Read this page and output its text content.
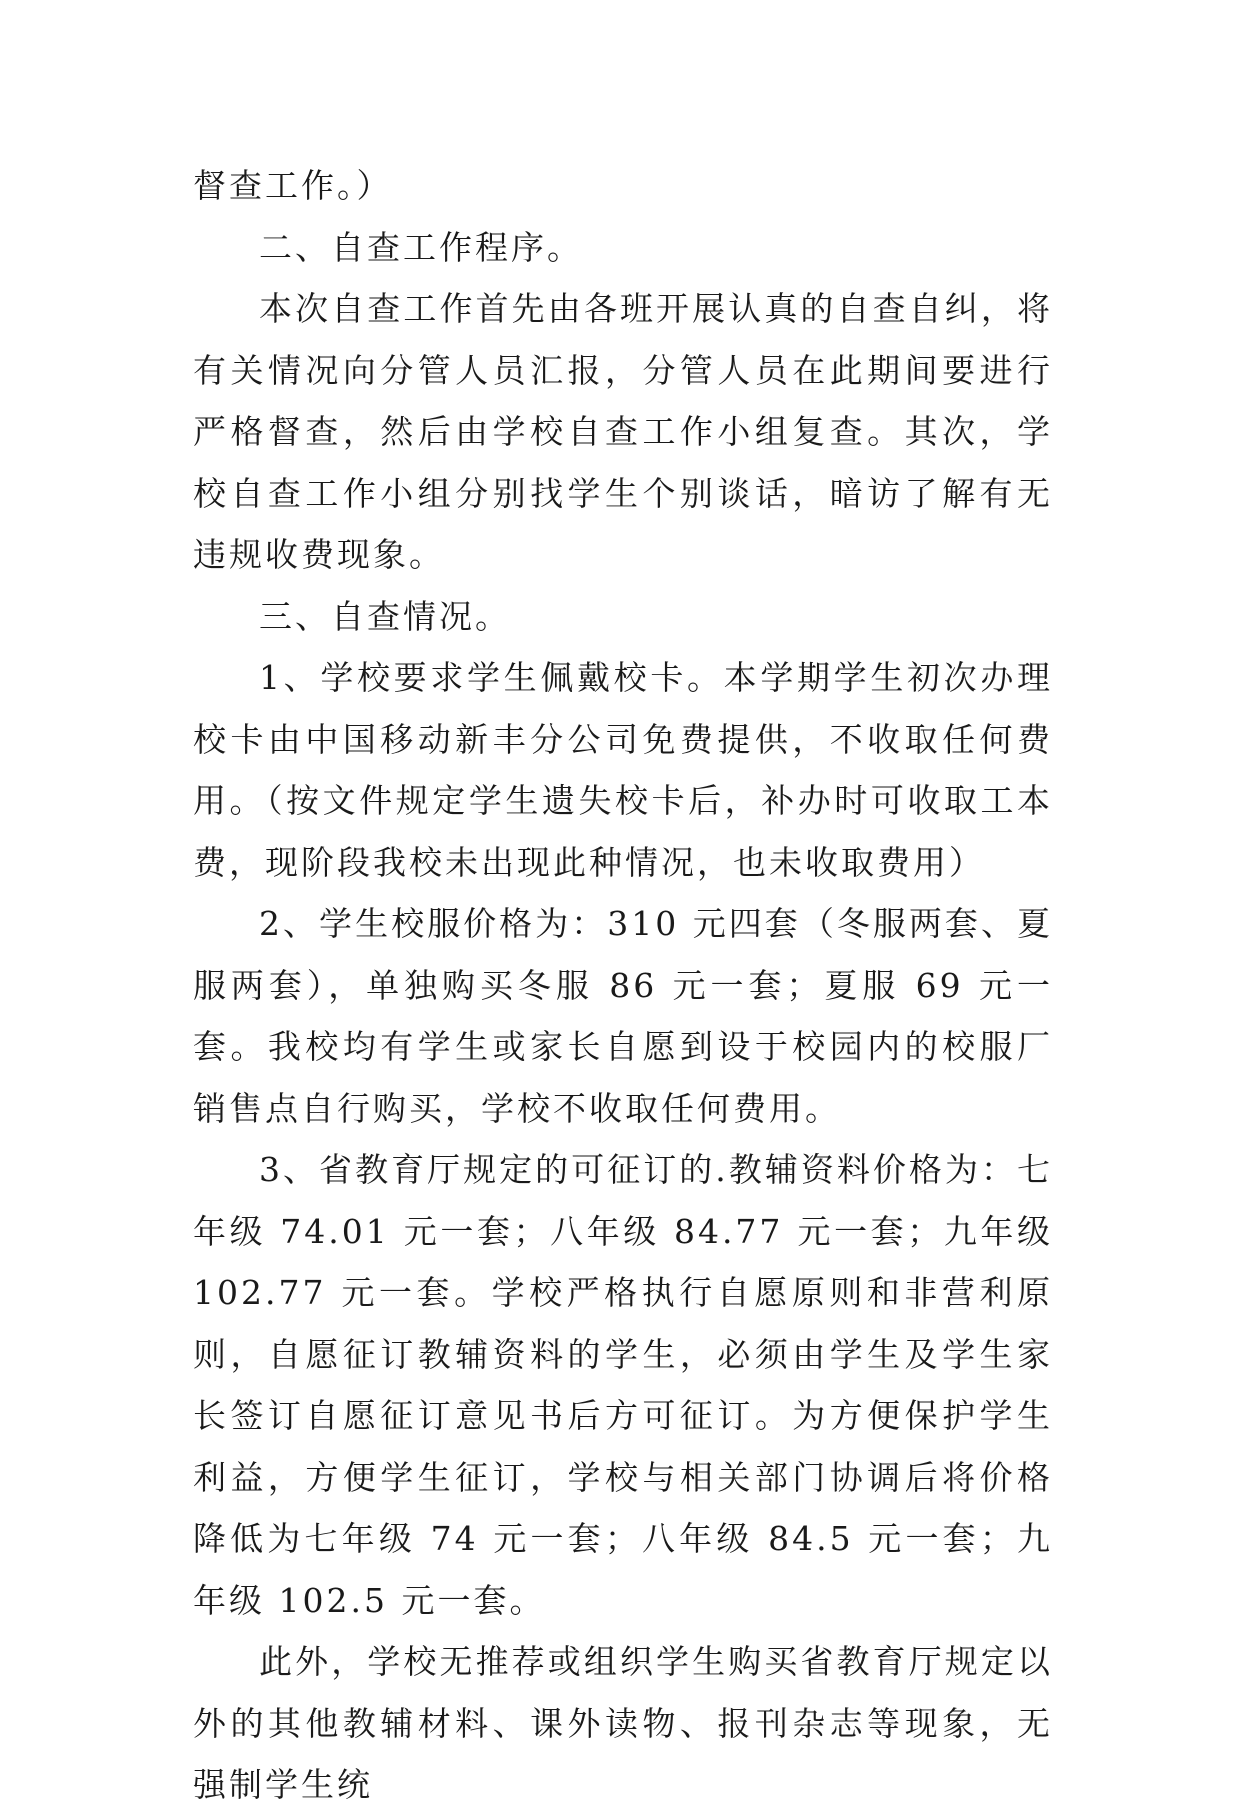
督查工作。）

二、自查工作程序。

本次自查工作首先由各班开展认真的自查自纠，将有关情况向分管人员汇报，分管人员在此期间要进行严格督查，然后由学校自查工作小组复查。其次，学校自查工作小组分别找学生个别谈话，暗访了解有无违规收费现象。

三、自查情况。

1、学校要求学生佩戴校卡。本学期学生初次办理校卡由中国移动新丰分公司免费提供，不收取任何费用。（按文件规定学生遗失校卡后，补办时可收取工本费，现阶段我校未出现此种情况，也未收取费用）

2、学生校服价格为：310 元四套（冬服两套、夏服两套），单独购买冬服 86 元一套；夏服 69 元一套。我校均有学生或家长自愿到设于校园内的校服厂销售点自行购买，学校不收取任何费用。

3、省教育厅规定的可征订的.教辅资料价格为：七年级 74.01 元一套；八年级 84.77 元一套；九年级 102.77 元一套。学校严格执行自愿原则和非营利原则，自愿征订教辅资料的学生，必须由学生及学生家长签订自愿征订意见书后方可征订。为方便保护学生利益，方便学生征订，学校与相关部门协调后将价格降低为七年级 74 元一套；八年级 84.5 元一套；九年级 102.5 元一套。

此外，学校无推荐或组织学生购买省教育厅规定以外的其他教辅材料、课外读物、报刊杂志等现象，无强制学生统
